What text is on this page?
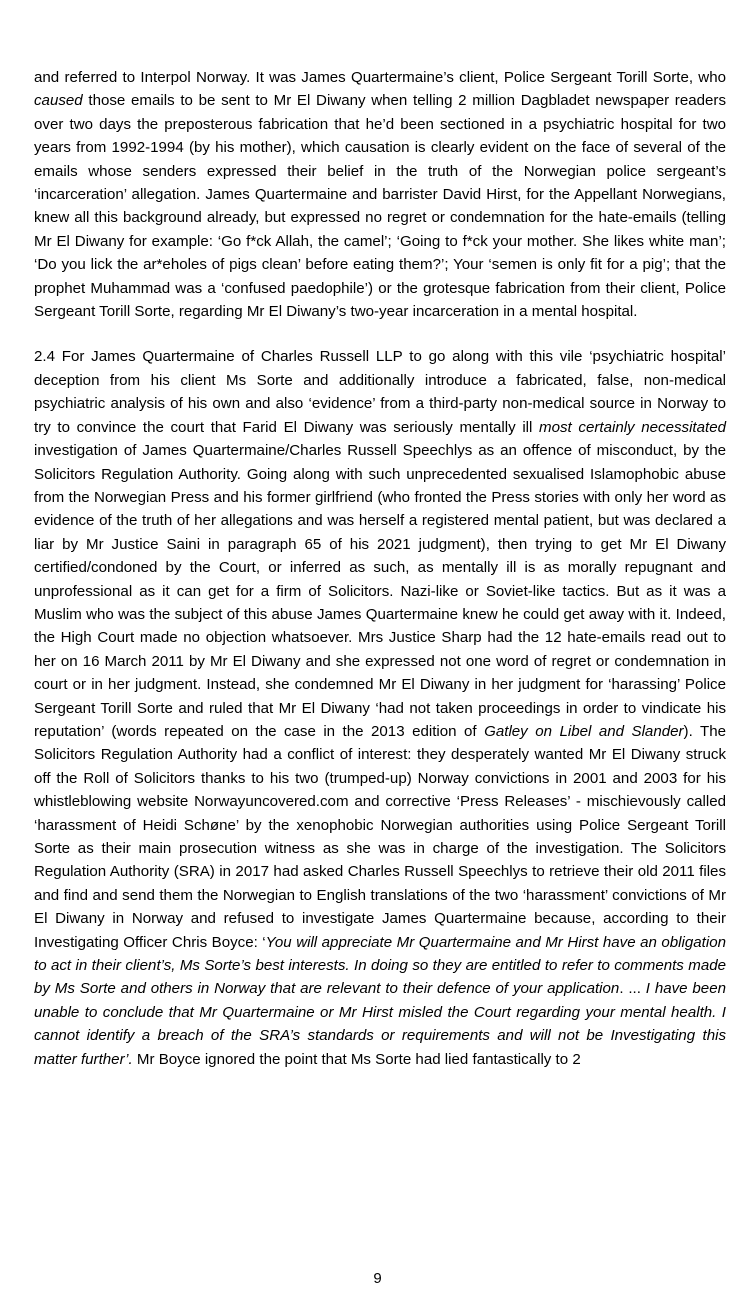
and referred to Interpol Norway. It was James Quartermaine’s client, Police Sergeant Torill Sorte, who caused those emails to be sent to Mr El Diwany when telling 2 million Dagbladet newspaper readers over two days the preposterous fabrication that he’d been sectioned in a psychiatric hospital for two years from 1992-1994 (by his mother), which causation is clearly evident on the face of several of the emails whose senders expressed their belief in the truth of the Norwegian police sergeant’s ‘incarceration’ allegation. James Quartermaine and barrister David Hirst, for the Appellant Norwegians, knew all this background already, but expressed no regret or condemnation for the hate-emails (telling Mr El Diwany for example: ‘Go f*ck Allah, the camel’; ‘Going to f*ck your mother. She likes white man’; ‘Do you lick the ar*eholes of pigs clean’ before eating them?’; Your ‘semen is only fit for a pig’; that the prophet Muhammad was a ‘confused paedophile’) or the grotesque fabrication from their client, Police Sergeant Torill Sorte, regarding Mr El Diwany’s two-year incarceration in a mental hospital.

2.4 For James Quartermaine of Charles Russell LLP to go along with this vile ‘psychiatric hospital’ deception from his client Ms Sorte and additionally introduce a fabricated, false, non-medical psychiatric analysis of his own and also ‘evidence’ from a third-party non-medical source in Norway to try to convince the court that Farid El Diwany was seriously mentally ill most certainly necessitated investigation of James Quartermaine/Charles Russell Speechlys as an offence of misconduct, by the Solicitors Regulation Authority. Going along with such unprecedented sexualised Islamophobic abuse from the Norwegian Press and his former girlfriend (who fronted the Press stories with only her word as evidence of the truth of her allegations and was herself a registered mental patient, but was declared a liar by Mr Justice Saini in paragraph 65 of his 2021 judgment), then trying to get Mr El Diwany certified/condoned by the Court, or inferred as such, as mentally ill is as morally repugnant and unprofessional as it can get for a firm of Solicitors. Nazi-like or Soviet-like tactics. But as it was a Muslim who was the subject of this abuse James Quartermaine knew he could get away with it. Indeed, the High Court made no objection whatsoever. Mrs Justice Sharp had the 12 hate-emails read out to her on 16 March 2011 by Mr El Diwany and she expressed not one word of regret or condemnation in court or in her judgment. Instead, she condemned Mr El Diwany in her judgment for ‘harassing’ Police Sergeant Torill Sorte and ruled that Mr El Diwany ‘had not taken proceedings in order to vindicate his reputation’ (words repeated on the case in the 2013 edition of Gatley on Libel and Slander). The Solicitors Regulation Authority had a conflict of interest: they desperately wanted Mr El Diwany struck off the Roll of Solicitors thanks to his two (trumped-up) Norway convictions in 2001 and 2003 for his whistleblowing website Norwayuncovered.com and corrective ‘Press Releases’ - mischievously called ‘harassment of Heidi Schøne’ by the xenophobic Norwegian authorities using Police Sergeant Torill Sorte as their main prosecution witness as she was in charge of the investigation. The Solicitors Regulation Authority (SRA) in 2017 had asked Charles Russell Speechlys to retrieve their old 2011 files and find and send them the Norwegian to English translations of the two ‘harassment’ convictions of Mr El Diwany in Norway and refused to investigate James Quartermaine because, according to their Investigating Officer Chris Boyce: ‘You will appreciate Mr Quartermaine and Mr Hirst have an obligation to act in their client’s, Ms Sorte’s best interests. In doing so they are entitled to refer to comments made by Ms Sorte and others in Norway that are relevant to their defence of your application. ... I have been unable to conclude that Mr Quartermaine or Mr Hirst misled the Court regarding your mental health. I cannot identify a breach of the SRA’s standards or requirements and will not be Investigating this matter further’. Mr Boyce ignored the point that Ms Sorte had lied fantastically to 2

9
